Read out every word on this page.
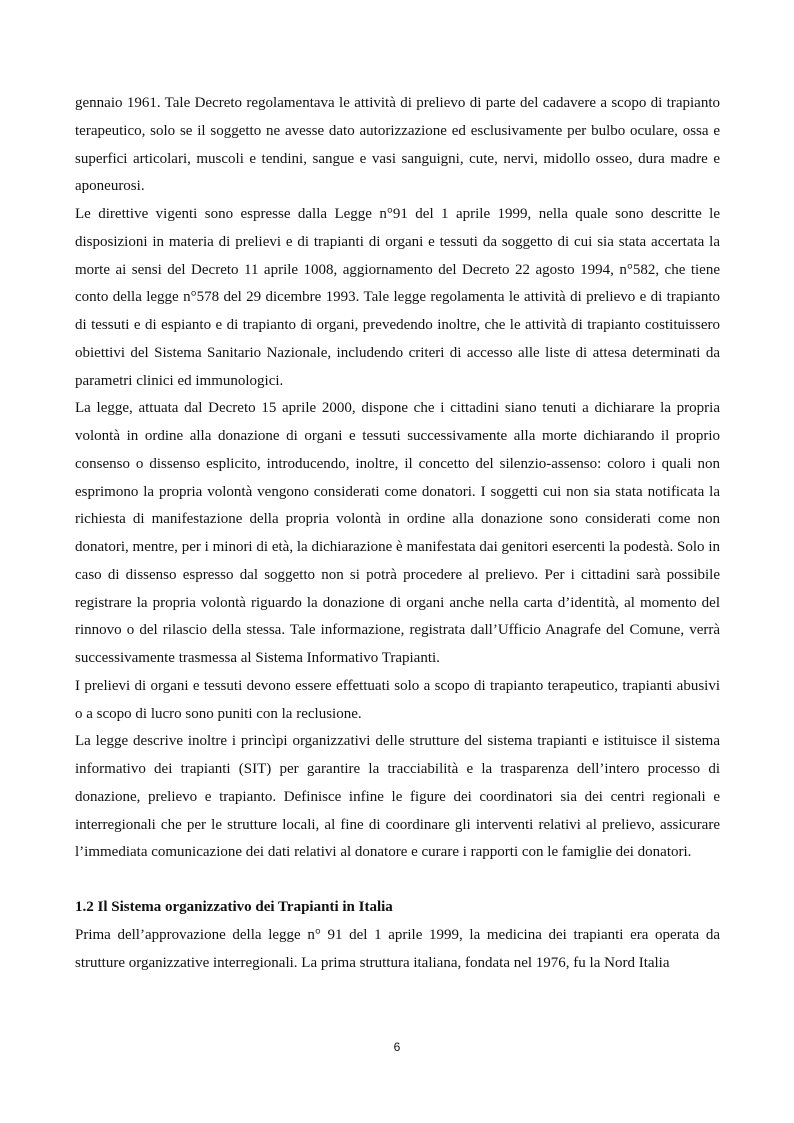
gennaio 1961. Tale Decreto regolamentava le attività di prelievo di parte del cadavere a scopo di trapianto terapeutico, solo se il soggetto ne avesse dato autorizzazione ed esclusivamente per bulbo oculare, ossa e superfici articolari, muscoli e tendini, sangue e vasi sanguigni, cute, nervi, midollo osseo, dura madre e aponeurosi.

Le direttive vigenti sono espresse dalla Legge n°91 del 1 aprile 1999, nella quale sono descritte le disposizioni in materia di prelievi e di trapianti di organi e tessuti da soggetto di cui sia stata accertata la morte ai sensi del Decreto 11 aprile 1008, aggiornamento del Decreto 22 agosto 1994, n°582, che tiene conto della legge n°578 del 29 dicembre 1993. Tale legge regolamenta le attività di prelievo e di trapianto di tessuti e di espianto e di trapianto di organi, prevedendo inoltre, che le attività di trapianto costituissero obiettivi del Sistema Sanitario Nazionale, includendo criteri di accesso alle liste di attesa determinati da parametri clinici ed immunologici.

La legge, attuata dal Decreto 15 aprile 2000, dispone che i cittadini siano tenuti a dichiarare la propria volontà in ordine alla donazione di organi e tessuti successivamente alla morte dichiarando il proprio consenso o dissenso esplicito, introducendo, inoltre, il concetto del silenzio-assenso: coloro i quali non esprimono la propria volontà vengono considerati come donatori. I soggetti cui non sia stata notificata la richiesta di manifestazione della propria volontà in ordine alla donazione sono considerati come non donatori, mentre, per i minori di età, la dichiarazione è manifestata dai genitori esercenti la podestà. Solo in caso di dissenso espresso dal soggetto non si potrà procedere al prelievo. Per i cittadini sarà possibile registrare la propria volontà riguardo la donazione di organi anche nella carta d’identità, al momento del rinnovo o del rilascio della stessa. Tale informazione, registrata dall’Ufficio Anagrafe del Comune, verrà successivamente trasmessa al Sistema Informativo Trapianti.

I prelievi di organi e tessuti devono essere effettuati solo a scopo di trapianto terapeutico, trapianti abusivi o a scopo di lucro sono puniti con la reclusione.

La legge descrive inoltre i princìpi organizzativi delle strutture del sistema trapianti e istituisce il sistema informativo dei trapianti (SIT) per garantire la tracciabilità e la trasparenza dell’intero processo di donazione, prelievo e trapianto. Definisce infine le figure dei coordinatori sia dei centri regionali e interregionali che per le strutture locali, al fine di coordinare gli interventi relativi al prelievo, assicurare l’immediata comunicazione dei dati relativi al donatore e curare i rapporti con le famiglie dei donatori.

1.2 Il Sistema organizzativo dei Trapianti in Italia

Prima dell’approvazione della legge n° 91 del 1 aprile 1999, la medicina dei trapianti era operata da strutture organizzative interregionali. La prima struttura italiana, fondata nel 1976, fu la Nord Italia

6
